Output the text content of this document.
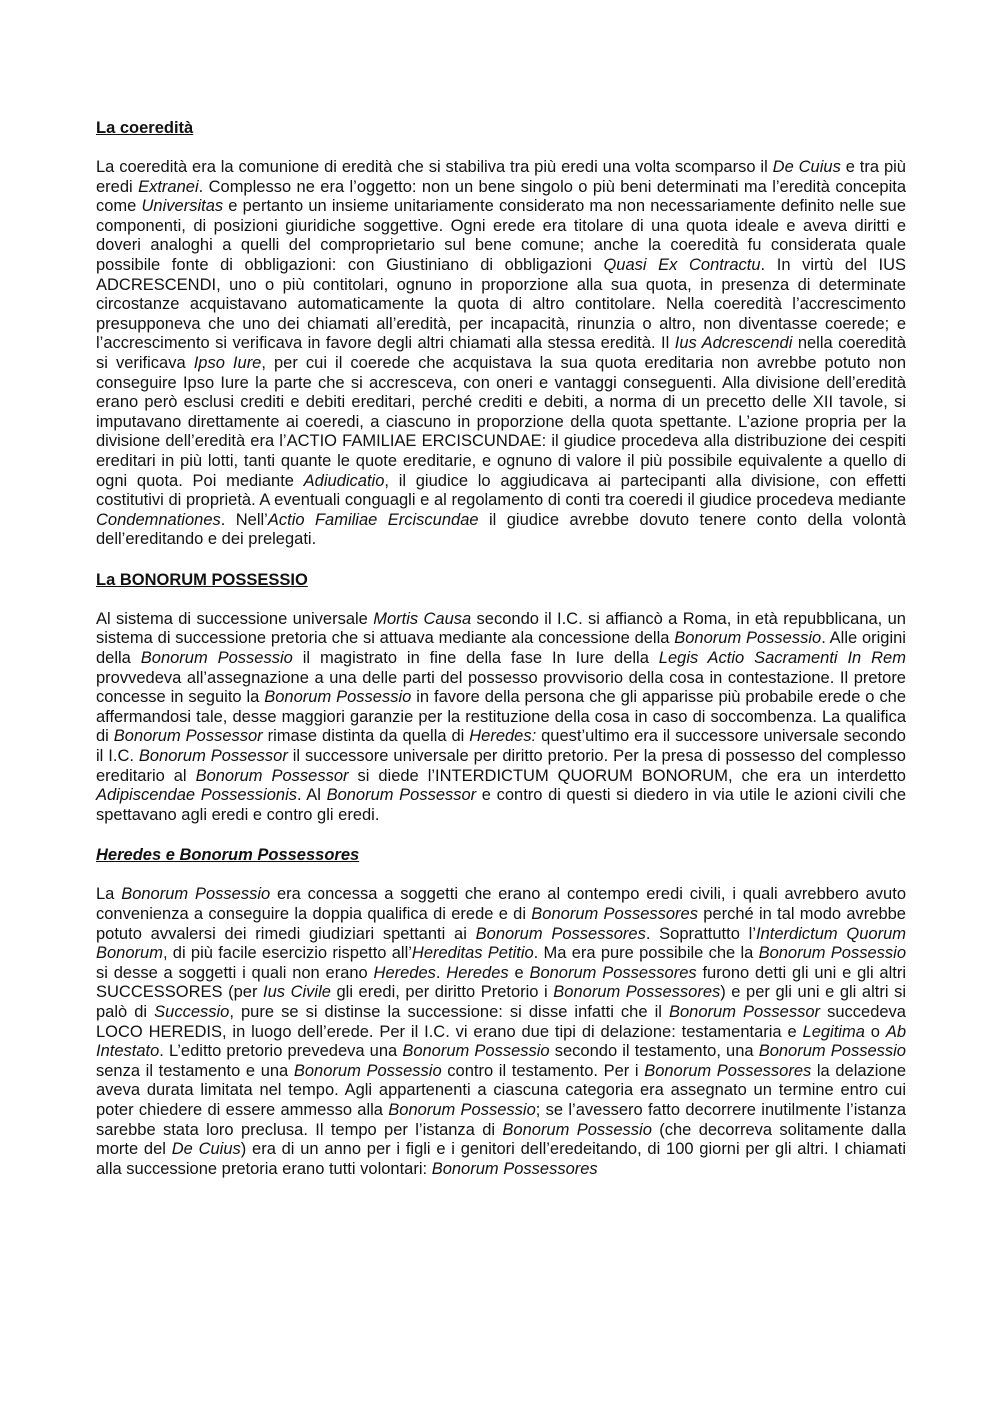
La coeredità

La coeredità era la comunione di eredità che si stabiliva tra più eredi una volta scomparso il De Cuius e tra più eredi Extranei. Complesso ne era l’oggetto: non un bene singolo o più beni determinati ma l’eredità concepita come Universitas e pertanto un insieme unitariamente considerato ma non necessariamente definito nelle sue componenti, di posizioni giuridiche soggettive. Ogni erede era titolare di una quota ideale e aveva diritti e doveri analoghi a quelli del comproprietario sul bene comune; anche la coeredità fu considerata quale possibile fonte di obbligazioni: con Giustiniano di obbligazioni Quasi Ex Contractu. In virtù del IUS ADCRESCENDI, uno o più contitolari, ognuno in proporzione alla sua quota, in presenza di determinate circostanze acquistavano automaticamente la quota di altro contitolare. Nella coeredità l’accrescimento presupponeva che uno dei chiamati all’eredità, per incapacità, rinunzia o altro, non diventasse coerede; e l’accrescimento si verificava in favore degli altri chiamati alla stessa eredità. Il Ius Adcrescendi nella coeredità si verificava Ipso Iure, per cui il coerede che acquistava la sua quota ereditaria non avrebbe potuto non conseguire Ipso Iure la parte che si accresceva, con oneri e vantaggi conseguenti. Alla divisione dell’eredità erano però esclusi crediti e debiti ereditari, perché crediti e debiti, a norma di un precetto delle XII tavole, si imputavano direttamente ai coeredi, a ciascuno in proporzione della quota spettante. L’azione propria per la divisione dell’eredità era l’ACTIO FAMILIAE ERCISCUNDAE: il giudice procedeva alla distribuzione dei cespiti ereditari in più lotti, tanti quante le quote ereditarie, e ognuno di valore il più possibile equivalente a quello di ogni quota. Poi mediante Adiudicatio, il giudice lo aggiudicava ai partecipanti alla divisione, con effetti costitutivi di proprietà. A eventuali conguagli e al regolamento di conti tra coeredi il giudice procedeva mediante Condemnationes. Nell’Actio Familiae Erciscundae il giudice avrebbe dovuto tenere conto della volontà dell’ereditando e dei prelegati.

La BONORUM POSSESSIO

Al sistema di successione universale Mortis Causa secondo il I.C. si affiancò a Roma, in età repubblicana, un sistema di successione pretoria che si attuava mediante ala concessione della Bonorum Possessio. Alle origini della Bonorum Possessio il magistrato in fine della fase In Iure della Legis Actio Sacramenti In Rem provvedeva all’assegnazione a una delle parti del possesso provvisorio della cosa in contestazione. Il pretore concesse in seguito la Bonorum Possessio in favore della persona che gli apparisse più probabile erede o che affermandosi tale, desse maggiori garanzie per la restituzione della cosa in caso di soccombenza. La qualifica di Bonorum Possessor rimase distinta da quella di Heredes: quest’ultimo era il successore universale secondo il I.C. Bonorum Possessor il successore universale per diritto pretorio. Per la presa di possesso del complesso ereditario al Bonorum Possessor si diede l’INTERDICTUM QUORUM BONORUM, che era un interdetto Adipiscendae Possessionis. Al Bonorum Possessor e contro di questi si diedero in via utile le azioni civili che spettavano agli eredi e contro gli eredi.

Heredes e Bonorum Possessores

La Bonorum Possessio era concessa a soggetti che erano al contempo eredi civili, i quali avrebbero avuto convenienza a conseguire la doppia qualifica di erede e di Bonorum Possessores perché in tal modo avrebbe potuto avvalersi dei rimedi giudiziari spettanti ai Bonorum Possessores. Soprattutto l’Interdictum Quorum Bonorum, di più facile esercizio rispetto all’Hereditas Petitio. Ma era pure possibile che la Bonorum Possessio si desse a soggetti i quali non erano Heredes. Heredes e Bonorum Possessores furono detti gli uni e gli altri SUCCESSORES (per Ius Civile gli eredi, per diritto Pretorio i Bonorum Possessores) e per gli uni e gli altri si palò di Successio, pure se si distinse la successione: si disse infatti che il Bonorum Possessor succedeva LOCO HEREDIS, in luogo dell’erede. Per il I.C. vi erano due tipi di delazione: testamentaria e Legitima o Ab Intestato. L’editto pretorio prevedeva una Bonorum Possessio secondo il testamento, una Bonorum Possessio senza il testamento e una Bonorum Possessio contro il testamento. Per i Bonorum Possessores la delazione aveva durata limitata nel tempo. Agli appartenenti a ciascuna categoria era assegnato un termine entro cui poter chiedere di essere ammesso alla Bonorum Possessio; se l’avessero fatto decorrere inutilmente l’istanza sarebbe stata loro preclusa. Il tempo per l’istanza di Bonorum Possessio (che decorreva solitamente dalla morte del De Cuius) era di un anno per i figli e i genitori dell’eredeitando, di 100 giorni per gli altri. I chiamati alla successione pretoria erano tutti volontari: Bonorum Possessores
